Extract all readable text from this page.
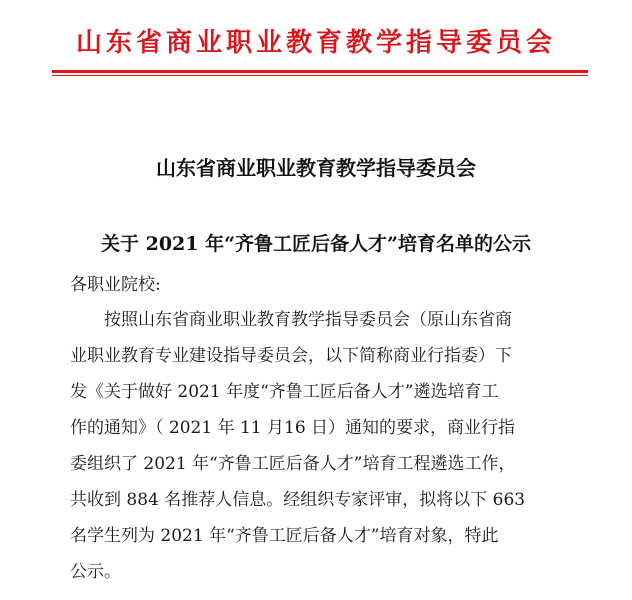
山东省商业职业教育教学指导委员会
山东省商业职业教育教学指导委员会
关于 2021 年“齐鲁工匠后备人才”培育名单的公示
各职业院校:
按照山东省商业职业教育教学指导委员会（原山东省商
业职业教育专业建设指导委员会，以下简称商业行指委）下
发《关于做好 2021 年度“齐鲁工匠后备人才”遴选培育工
作的通知》（ 2021 年 11 月16 日）通知的要求，商业行指
委组织了 2021 年“齐鲁工匠后备人才”培育工程遴选工作，
共收到 884 名推荐人信息。经组织专家评审，拟将以下 663
名学生列为 2021 年“齐鲁工匠后备人才”培育对象，特此
公示。
